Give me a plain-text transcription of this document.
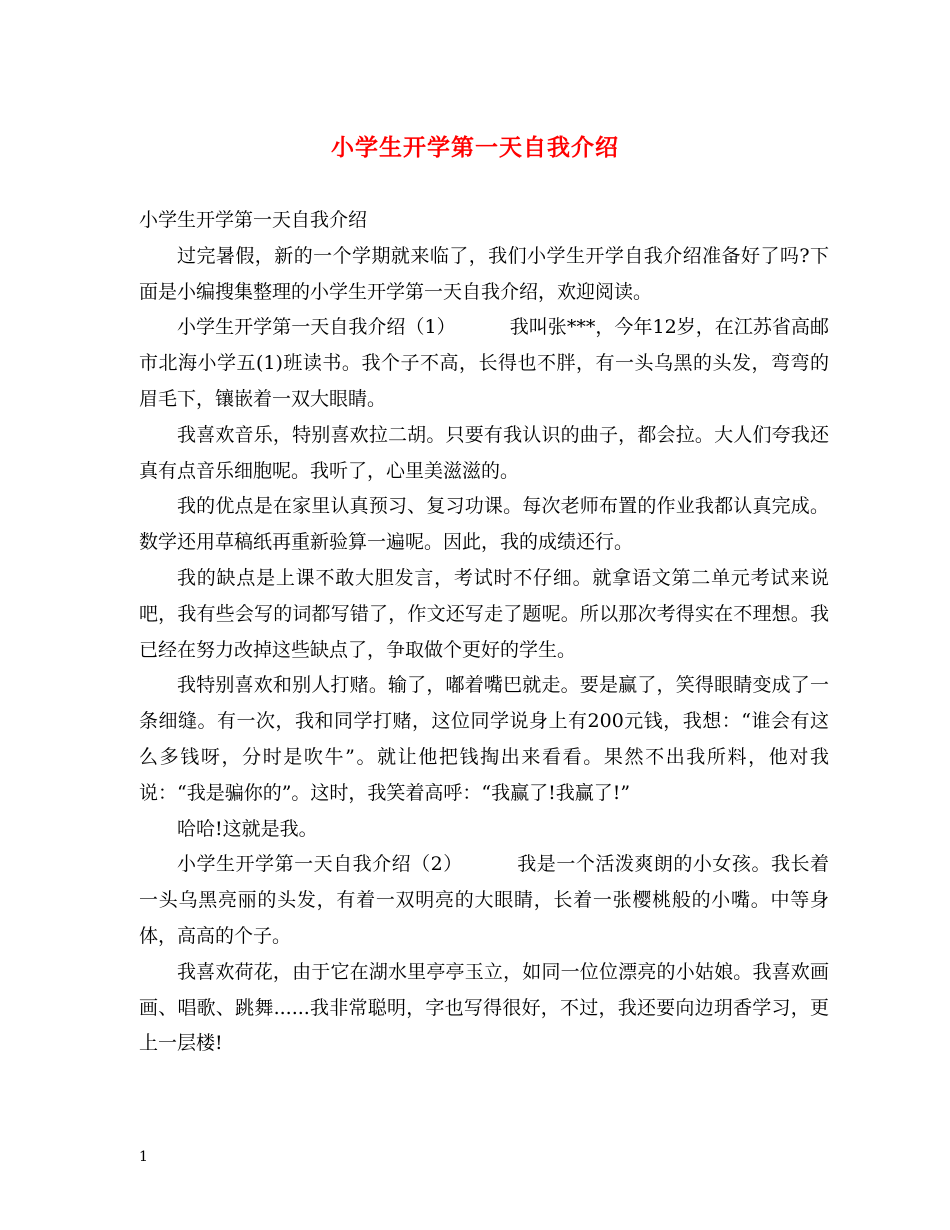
小学生开学第一天自我介绍

小学生开学第一天自我介绍

过完暑假，新的一个学期就来临了，我们小学生开学自我介绍准备好了吗?下面是小编搜集整理的小学生开学第一天自我介绍，欢迎阅读。

小学生开学第一天自我介绍（1）	我叫张***，今年12岁，在江苏省高邮市北海小学五(1)班读书。我个子不高，长得也不胖，有一头乌黑的头发，弯弯的眉毛下，镶嵌着一双大眼睛。

我喜欢音乐，特别喜欢拉二胡。只要有我认识的曲子，都会拉。大人们夸我还真有点音乐细胞呢。我听了，心里美滋滋的。

我的优点是在家里认真预习、复习功课。每次老师布置的作业我都认真完成。数学还用草稿纸再重新验算一遍呢。因此，我的成绩还行。

我的缺点是上课不敢大胆发言，考试时不仔细。就拿语文第二单元考试来说吧，我有些会写的词都写错了，作文还写走了题呢。所以那次考得实在不理想。我已经在努力改掉这些缺点了，争取做个更好的学生。

我特别喜欢和别人打赌。输了，嘟着嘴巴就走。要是赢了，笑得眼睛变成了一条细缝。有一次，我和同学打赌，这位同学说身上有200元钱，我想：“谁会有这么多钱呀，分时是吹牛”。就让他把钱掏出来看看。果然不出我所料，他对我说：“我是骗你的”。这时，我笑着高呼：“我赢了!我赢了!”

哈哈!这就是我。

小学生开学第一天自我介绍（2）	我是一个活泼爽朗的小女孩。我长着一头乌黑亮丽的头发，有着一双明亮的大眼睛，长着一张樱桃般的小嘴。中等身体，高高的个子。

我喜欢荷花，由于它在湖水里亭亭玉立，如同一位位漂亮的小姑娘。我喜欢画画、唱歌、跳舞......我非常聪明，字也写得很好，不过，我还要向边玥香学习，更上一层楼!

1
